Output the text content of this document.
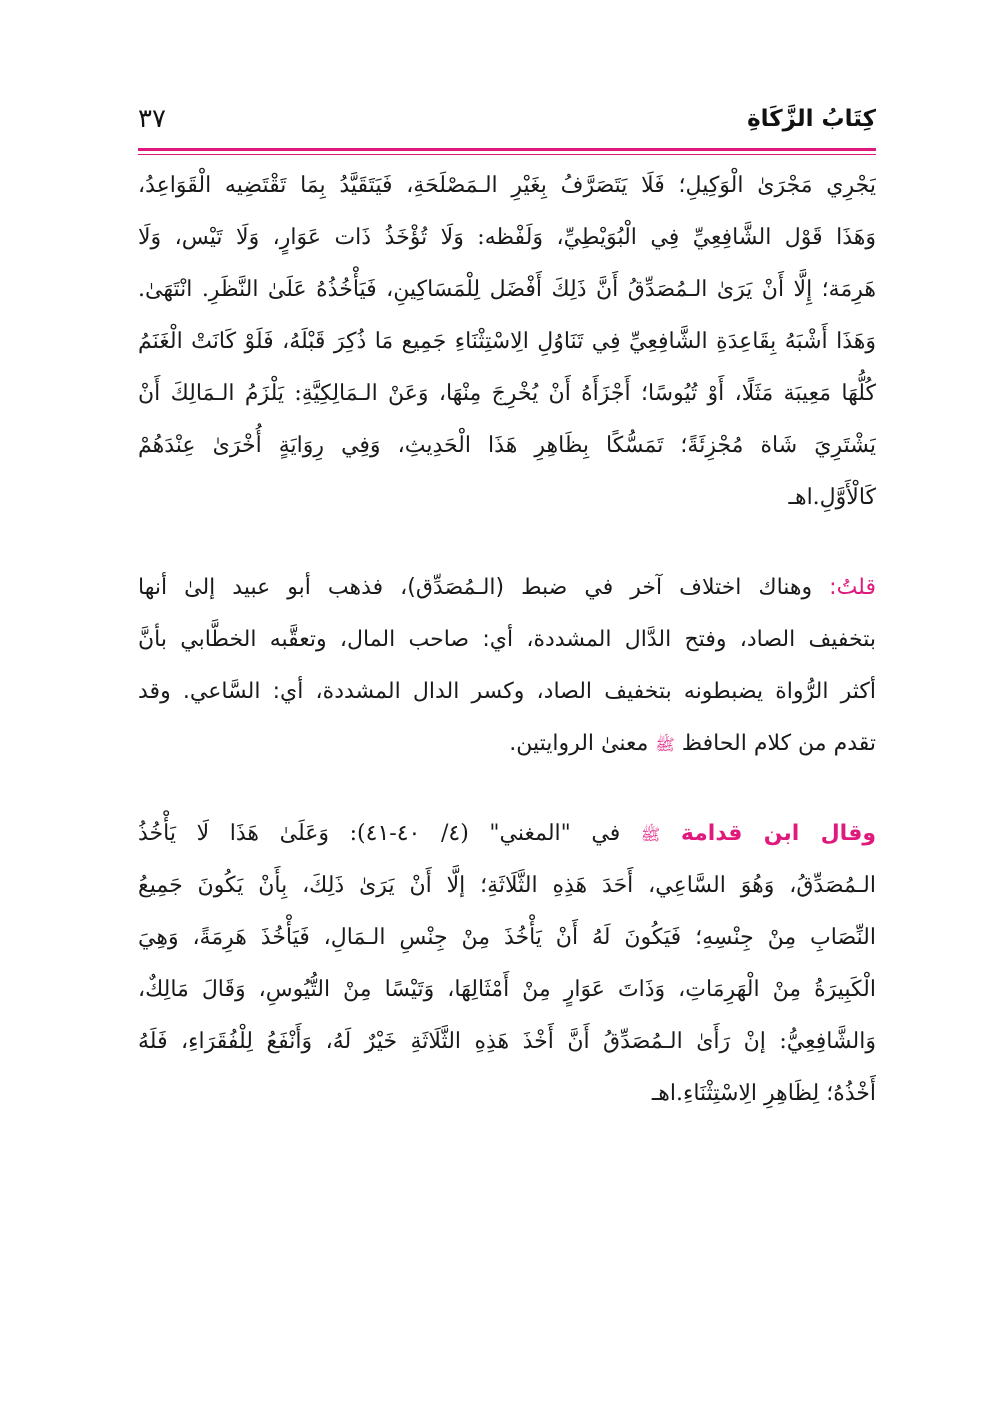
كِتَابُ الزَّكَاةِ
٣٧
يَجْرِي مَجْرَىٰ الْوَكِيلِ؛ فَلَا يَتَصَرَّفُ بِغَيْرِ الـمَصْلَحَةِ، فَيَتَقَيَّدُ بِمَا تَقْتَضِيه الْقَوَاعِدُ،
وَهَذَا قَوْل الشَّافِعِيِّ فِي الْبُوَيْطِيِّ، وَلَفْظه: وَلَا تُؤْخَذُ ذَات عَوَارٍ، وَلَا تَيْس، وَلَا
هَرِمَة؛ إِلَّا أَنْ يَرَىٰ الـمُصَدِّقُ أَنَّ ذَلِكَ أَفْضَل لِلْمَسَاكِينِ، فَيَأْخُذُهُ عَلَىٰ النَّظَرِ. انْتَهَىٰ.
وَهَذَا أَشْبَهُ بِقَاعِدَةِ الشَّافِعِيِّ فِي تَنَاوُلِ الِاسْتِثْنَاءِ جَمِيع مَا ذُكِرَ قَبْلَهُ، فَلَوْ كَانَتْ الْغَنَمُ
كُلُّهَا مَعِيبَة مَثَلًا، أَوْ تُيُوسًا؛ أَجْزَأَهُ أَنْ يُخْرِجَ مِنْهَا، وَعَنْ الـمَالِكِيَّةِ: يَلْزَمُ الـمَالِكَ أَنْ
يَشْتَرِيَ شَاة مُجْزِئَةً؛ تَمَسُّكًا بِظَاهِرِ هَذَا الْحَدِيثِ، وَفِي رِوَايَةٍ أُخْرَىٰ عِنْدَهُمْ
كَالْأَوَّلِ.اهـ
قلتُ: وهناك اختلاف آخر في ضبط (الـمُصَدِّق)، فذهب أبو عبيد إلىٰ أنها
بتخفيف الصاد، وفتح الدَّال المشددة، أي: صاحب المال، وتعقَّبه الخطَّابي بأنَّ
أكثر الرُّواة يضبطونه بتخفيف الصاد، وكسر الدال المشددة، أي: السَّاعي. وقد
تقدم من كلام الحافظ ﷺ معنىٰ الروايتين.
وقال ابن قدامة ﷺ في "المغني" (٤/ ٤٠-٤١): وَعَلَىٰ هَذَا لَا يَأْخُذُ
الـمُصَدِّقُ، وَهُوَ السَّاعِي، أَحَدَ هَذِهِ الثَّلَاثَةِ؛ إلَّا أَنْ يَرَىٰ ذَلِكَ، بِأَنْ يَكُونَ جَمِيعُ
النِّصَابِ مِنْ جِنْسِهِ؛ فَيَكُونَ لَهُ أَنْ يَأْخُذَ مِنْ جِنْسِ الـمَالِ، فَيَأْخُذَ هَرِمَةً، وَهِيَ
الْكَبِيرَةُ مِنْ الْهَرِمَاتِ، وَذَاتَ عَوَارٍ مِنْ أَمْثَالِهَا، وَتَيْسًا مِنْ التُّيُوسِ، وَقَالَ مَالِكٌ،
وَالشَّافِعِيُّ: إنْ رَأَىٰ الـمُصَدِّقُ أَنَّ أَخْذَ هَذِهِ الثَّلَاثَةِ خَيْرٌ لَهُ، وَأَنْفَعُ لِلْفُقَرَاءِ، فَلَهُ
أَخْذُهُ؛ لِظَاهِرِ الِاسْتِثْنَاءِ.اهـ
